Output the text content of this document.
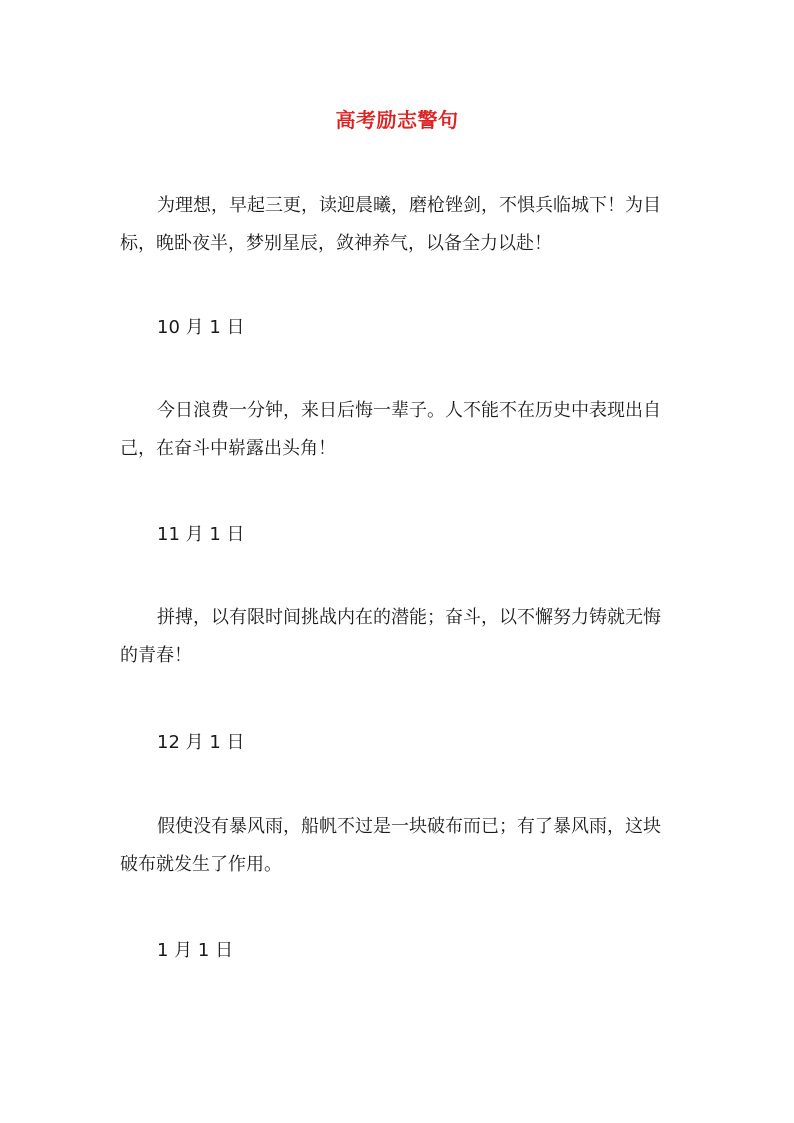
高考励志警句

为理想，早起三更，读迎晨曦，磨枪锉剑，不惧兵临城下！为目标，晚卧夜半，梦别星辰，敛神养气，以备全力以赴！

10 月 1 日

今日浪费一分钟，来日后悔一辈子。人不能不在历史中表现出自己，在奋斗中崭露出头角！

11 月 1 日

拼搏，以有限时间挑战内在的潜能；奋斗，以不懈努力铸就无悔的青春！

12 月 1 日

假使没有暴风雨，船帆不过是一块破布而已；有了暴风雨，这块破布就发生了作用。

1 月 1 日
